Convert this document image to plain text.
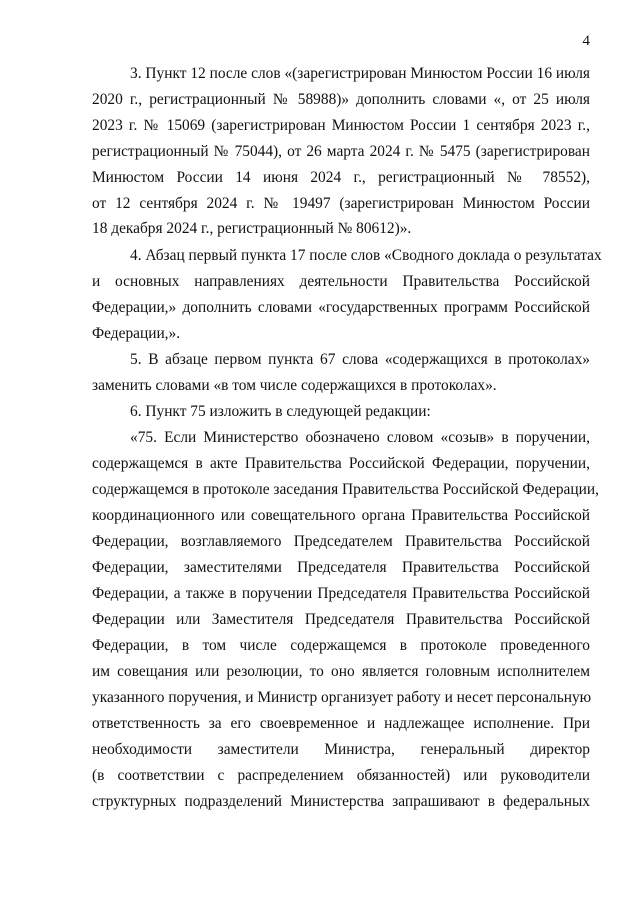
4
3. Пункт 12 после слов «(зарегистрирован Минюстом России 16 июля
2020 г., регистрационный № 58988)» дополнить словами «, от 25 июля
2023 г. № 15069 (зарегистрирован Минюстом России 1 сентября 2023 г.,
регистрационный № 75044), от 26 марта 2024 г. № 5475 (зарегистрирован
Минюстом России 14 июня 2024 г., регистрационный № 78552),
от 12 сентября 2024 г. № 19497 (зарегистрирован Минюстом России
18 декабря 2024 г., регистрационный № 80612)».
4. Абзац первый пункта 17 после слов «Сводного доклада о результатах
и основных направлениях деятельности Правительства Российской
Федерации,» дополнить словами «государственных программ Российской
Федерации,».
5. В абзаце первом пункта 67 слова «содержащихся в протоколах»
заменить словами «в том числе содержащихся в протоколах».
6. Пункт 75 изложить в следующей редакции:
«75. Если Министерство обозначено словом «созыв» в поручении,
содержащемся в акте Правительства Российской Федерации, поручении,
содержащемся в протоколе заседания Правительства Российской Федерации,
координационного или совещательного органа Правительства Российской
Федерации, возглавляемого Председателем Правительства Российской
Федерации, заместителями Председателя Правительства Российской
Федерации, а также в поручении Председателя Правительства Российской
Федерации или Заместителя Председателя Правительства Российской
Федерации, в том числе содержащемся в протоколе проведенного
им совещания или резолюции, то оно является головным исполнителем
указанного поручения, и Министр организует работу и несет персональную
ответственность за его своевременное и надлежащее исполнение. При
необходимости заместители Министра, генеральный директор
(в соответствии с распределением обязанностей) или руководители
структурных подразделений Министерства запрашивают в федеральных
